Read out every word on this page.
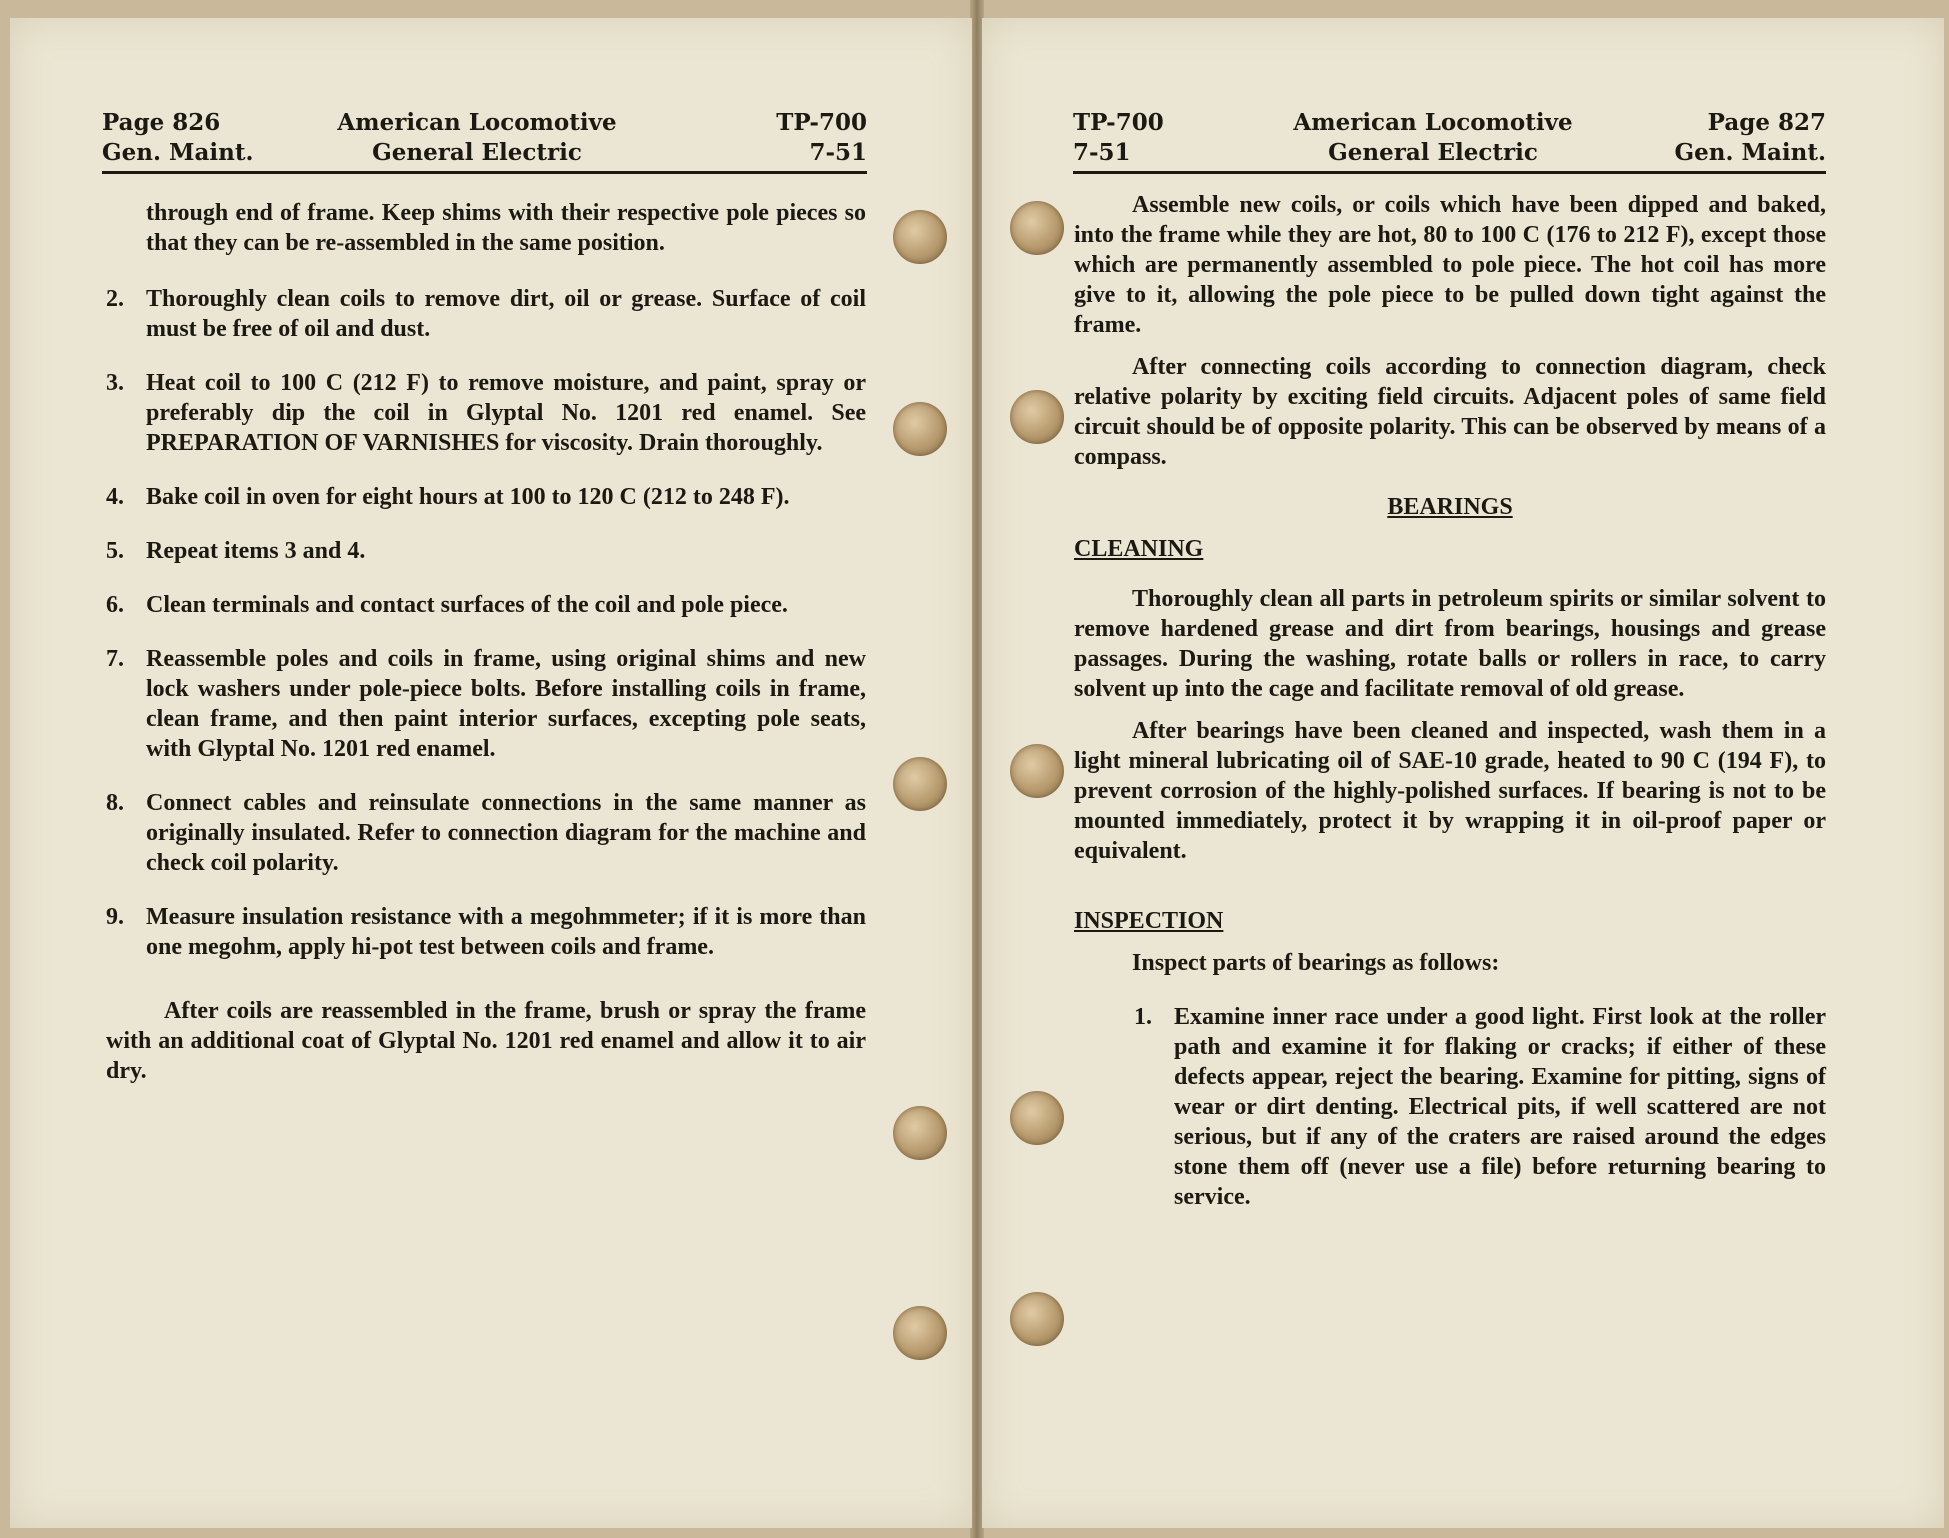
Page 826
Gen. Maint.
American Locomotive
General Electric
TP-700
7-51

through end of frame. Keep shims with their respective pole pieces so that they can be re-assembled in the same position.

2. Thoroughly clean coils to remove dirt, oil or grease. Surface of coil must be free of oil and dust.

3. Heat coil to 100 C (212 F) to remove moisture, and paint, spray or preferably dip the coil in Glyptal No. 1201 red enamel. See PREPARATION OF VARNISHES for viscosity. Drain thoroughly.

4. Bake coil in oven for eight hours at 100 to 120 C (212 to 248 F).

5. Repeat items 3 and 4.

6. Clean terminals and contact surfaces of the coil and pole piece.

7. Reassemble poles and coils in frame, using original shims and new lock washers under pole-piece bolts. Before installing coils in frame, clean frame, and then paint interior surfaces, excepting pole seats, with Glyptal No. 1201 red enamel.

8. Connect cables and reinsulate connections in the same manner as originally insulated. Refer to connection diagram for the machine and check coil polarity.

9. Measure insulation resistance with a megohmmeter; if it is more than one megohm, apply hi-pot test between coils and frame.

After coils are reassembled in the frame, brush or spray the frame with an additional coat of Glyptal No. 1201 red enamel and allow it to air dry.

TP-700
7-51
American Locomotive
General Electric
Page 827
Gen. Maint.

Assemble new coils, or coils which have been dipped and baked, into the frame while they are hot, 80 to 100 C (176 to 212 F), except those which are permanently assembled to pole piece. The hot coil has more give to it, allowing the pole piece to be pulled down tight against the frame.

After connecting coils according to connection diagram, check relative polarity by exciting field circuits. Adjacent poles of same field circuit should be of opposite polarity. This can be observed by means of a compass.

BEARINGS

CLEANING

Thoroughly clean all parts in petroleum spirits or similar solvent to remove hardened grease and dirt from bearings, housings and grease passages. During the washing, rotate balls or rollers in race, to carry solvent up into the cage and facilitate removal of old grease.

After bearings have been cleaned and inspected, wash them in a light mineral lubricating oil of SAE-10 grade, heated to 90 C (194 F), to prevent corrosion of the highly-polished surfaces. If bearing is not to be mounted immediately, protect it by wrapping it in oil-proof paper or equivalent.

INSPECTION

Inspect parts of bearings as follows:

1. Examine inner race under a good light. First look at the roller path and examine it for flaking or cracks; if either of these defects appear, reject the bearing. Examine for pitting, signs of wear or dirt denting. Electrical pits, if well scattered are not serious, but if any of the craters are raised around the edges stone them off (never use a file) before returning bearing to service.
